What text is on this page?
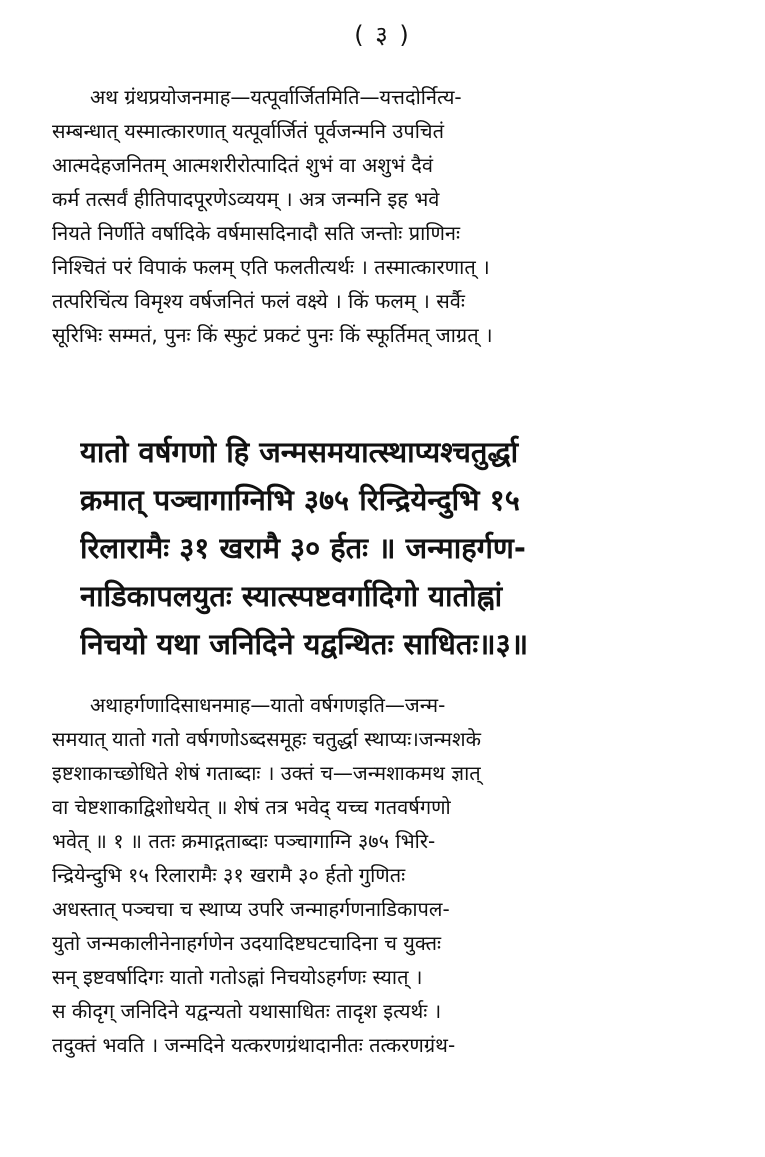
( ३ )
अथ ग्रंथप्रयोजनमाह—यत्पूर्वार्जितमिति—यत्तदोर्नित्य-
सम्बन्धात् यस्मात्कारणात् यत्पूर्वार्जितं पूर्वजन्मनि उपचितं
आत्मदेहजनितम् आत्मशरीरोत्पादितं शुभं वा अशुभं दैवं
कर्म तत्सर्वं हीतिपादपूरणेऽव्ययम् । अत्र जन्मनि इह भवे
नियते निर्णीते वर्षादिके वर्षमासदिनादौ सति जन्तोः प्राणिनः
निश्चितं परं विपाकं फलम् एति फलतीत्यर्थः । तस्मात्कारणात् ।
तत्परिचिंत्य विमृश्य वर्षजनितं फलं वक्ष्ये । किं फलम् । सर्वैः
सूरिभिः सम्मतं, पुनः किं स्फुटं प्रकटं पुनः किं स्फूर्तिमत् जाग्रत् ।
यातो वर्षगणो हि जन्मसमयात्स्थाप्यश्चतुर्द्धा
क्रमात् पञ्चागाग्निभि ३७५ रिन्द्रियेन्दुभि १५
रिलारामैः ३१ खरामै ३० र्हतः ॥ जन्माहर्गण-
नाडिकापलयुतः स्यात्स्पष्टवर्गादिगो यातोह्नां
निचयो यथा जनिदिने यद्वन्थितः साधितः॥३॥
अथाहर्गणादिसाधनमाह—यातो वर्षगणइति—जन्म-
समयात् यातो गतो वर्षगणोऽब्दसमूहः चतुर्द्धा स्थाप्यः।जन्मशके
इष्टशाकाच्छोधिते शेषं गताब्दाः । उक्तं च—जन्मशाकमथ ज्ञात्
वा चेष्टशाकाद्विशोधयेत् ॥ शेषं तत्र भवेद् यच्च गतवर्षगणो
भवेत् ॥ १ ॥ ततः क्रमाद्गताब्दाः पञ्चागाग्नि ३७५ भिरि-
न्द्रियेन्दुभि १५ रिलारामैः ३१ खरामै ३० र्हतो गुणितः
अधस्तात् पञ्चचा च स्थाप्य उपरि जन्माहर्गणनाडिकापल-
युतो जन्मकालीनेनाहर्गणेन उदयादिष्टघटचादिना च युक्तः
सन् इष्टवर्षादिगः यातो गतोऽह्नां निचयोऽहर्गणः स्यात् ।
स कीदृग् जनिदिने यद्वन्यतो यथासाधितः तादृश इत्यर्थः ।
तदुक्तं भवति । जन्मदिने यत्करणग्रंथादानीतः तत्करणग्रंथ-
